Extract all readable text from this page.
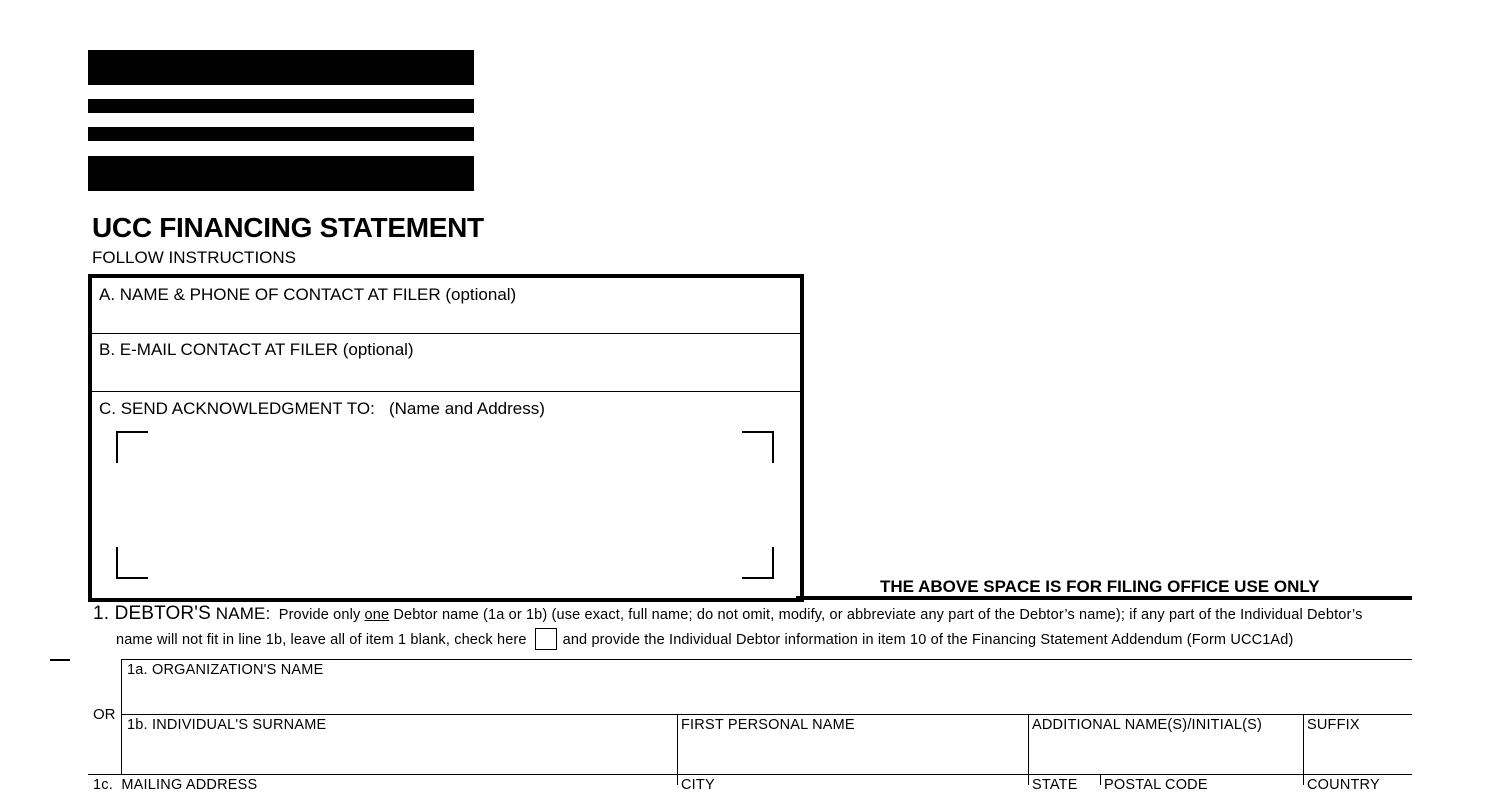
UCC FINANCING STATEMENT
FOLLOW INSTRUCTIONS
A. NAME & PHONE OF CONTACT AT FILER (optional)
B. E-MAIL CONTACT AT FILER (optional)
C. SEND ACKNOWLEDGMENT TO:   (Name and Address)
THE ABOVE SPACE IS FOR FILING OFFICE USE ONLY
1. DEBTOR'S NAME:  Provide only one Debtor name (1a or 1b) (use exact, full name; do not omit, modify, or abbreviate any part of the Debtor’s name); if any part of the Individual Debtor’s
name will not fit in line 1b, leave all of item 1 blank, check here and provide the Individual Debtor information in item 10 of the Financing Statement Addendum (Form UCC1Ad)
OR
1a. ORGANIZATION'S NAME
1b. INDIVIDUAL'S SURNAME	FIRST PERSONAL NAME	ADDITIONAL NAME(S)/INITIAL(S)	SUFFIX
1c.  MAILING ADDRESS	CITY	STATE POSTAL CODE	COUNTRY
